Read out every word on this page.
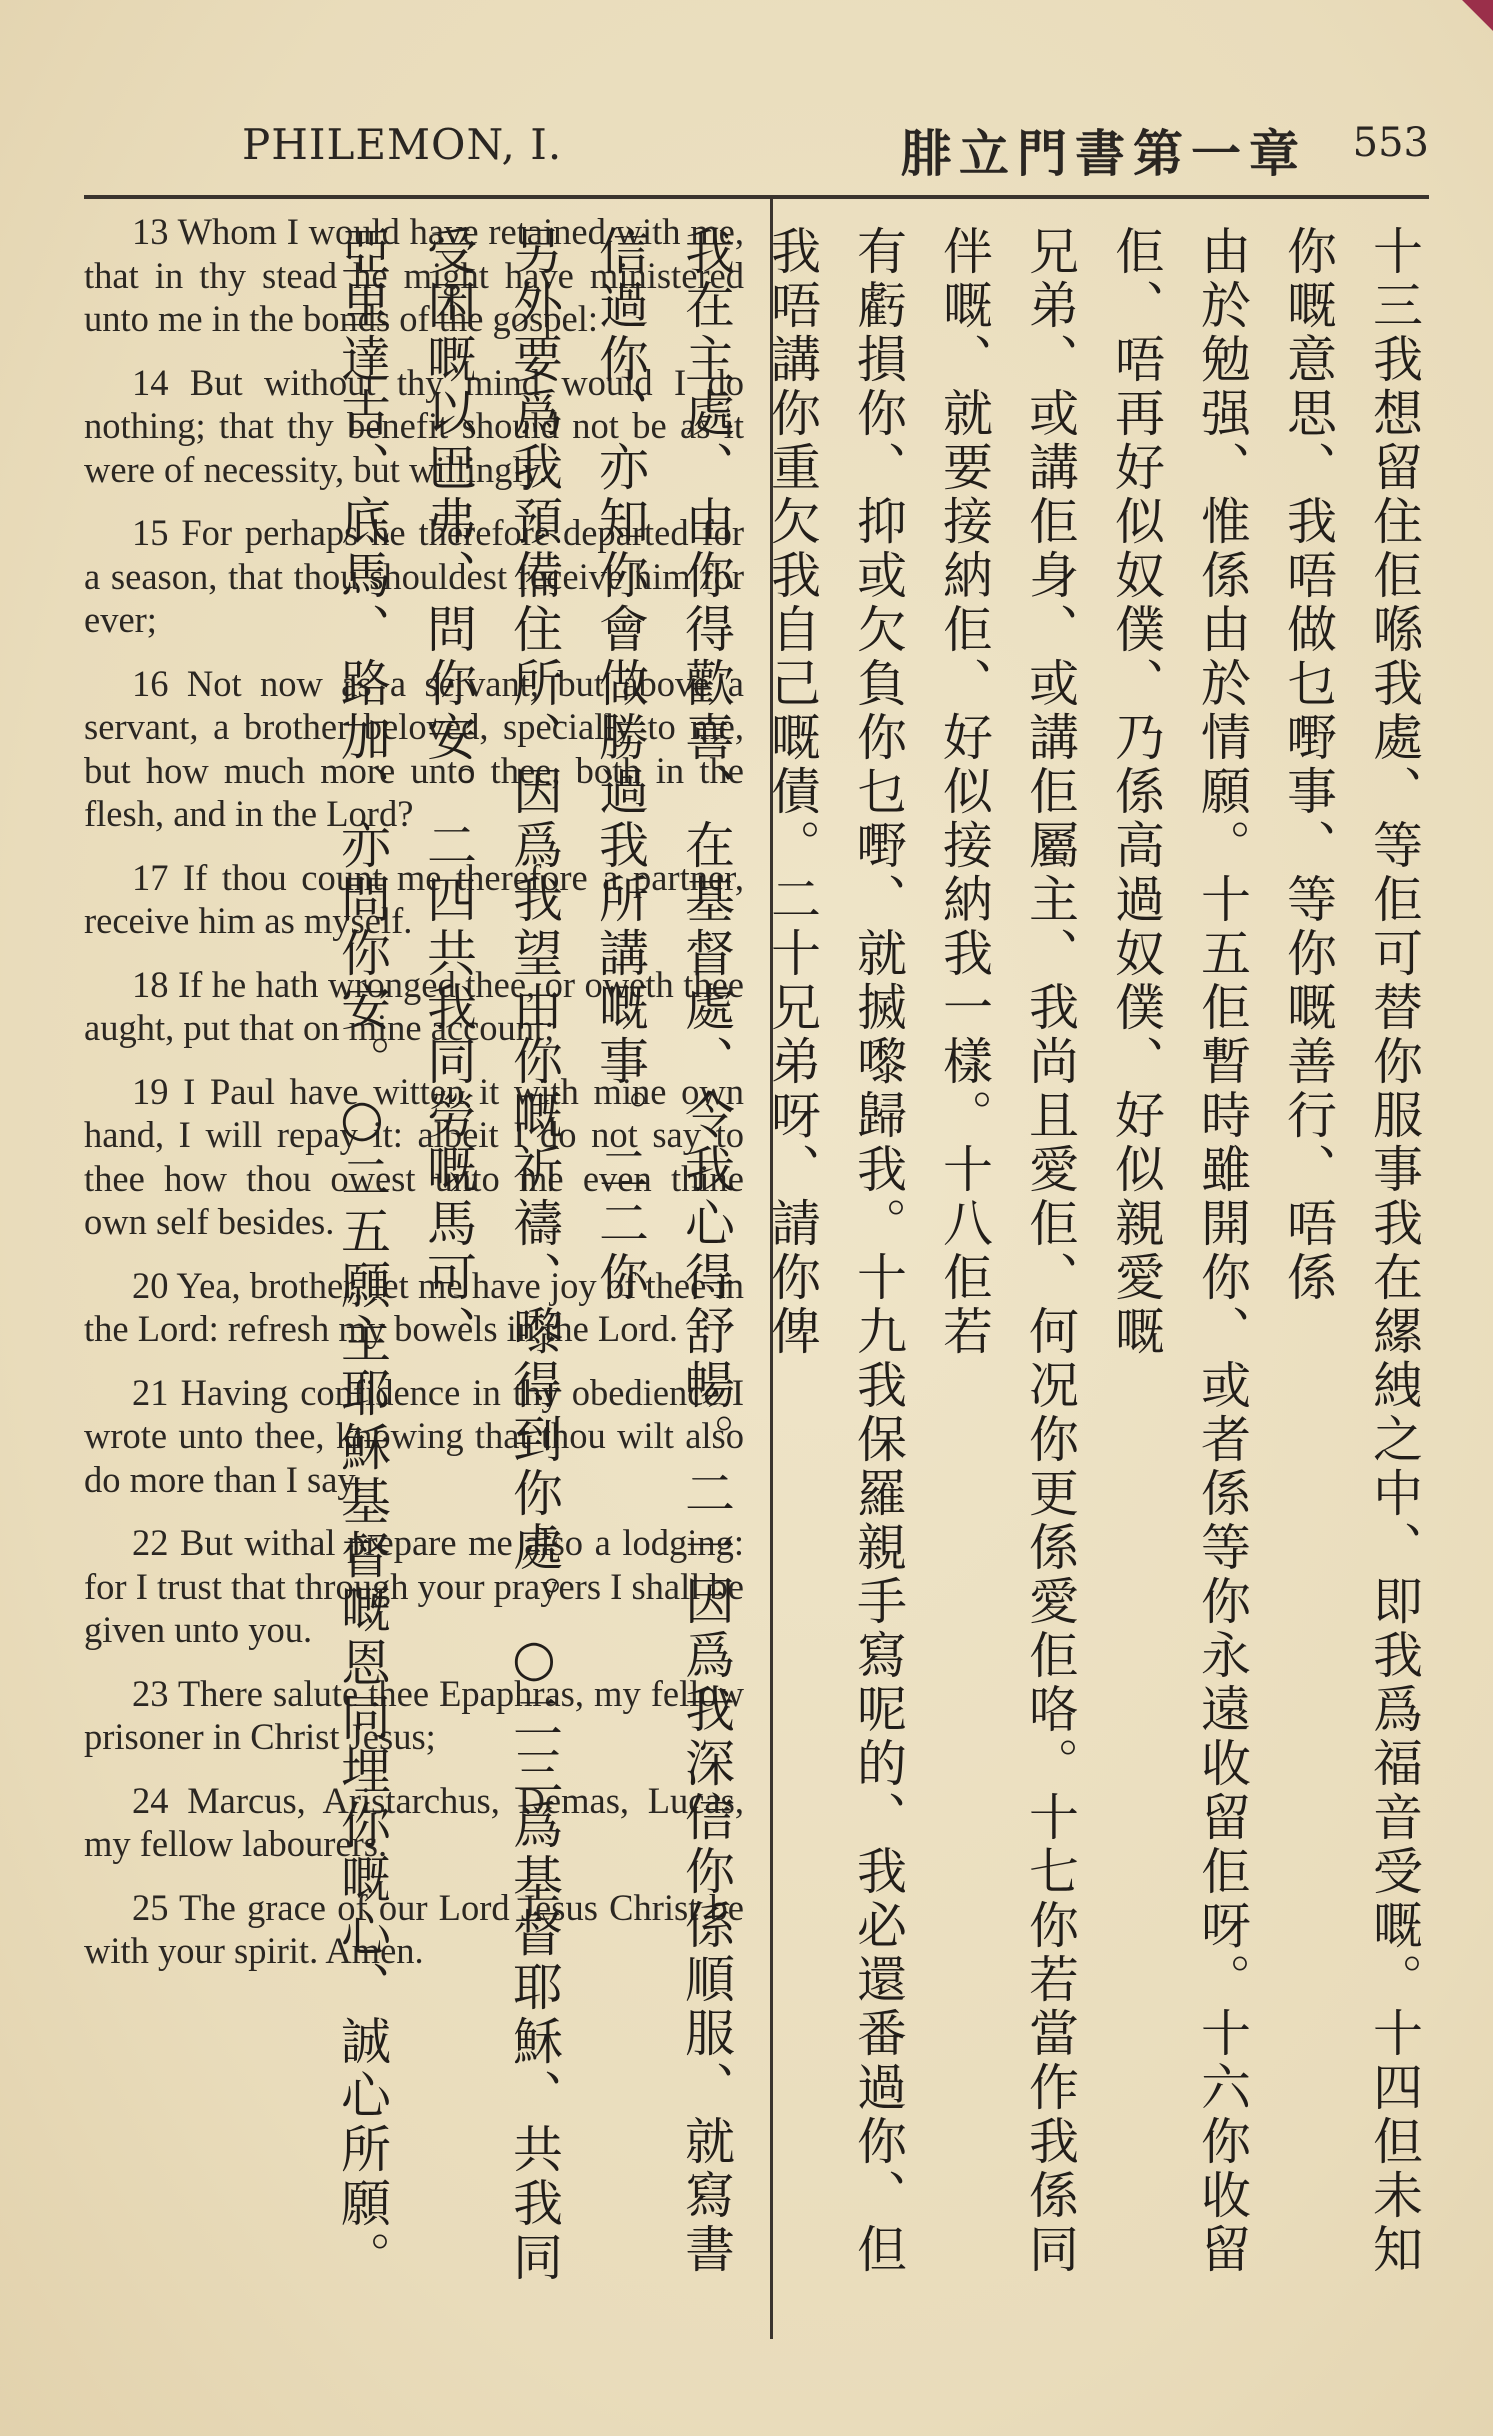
PHILEMON, I.	腓立門書第一章 553

13 Whom I would have retained with me, that in thy stead he might have ministered unto me in the bonds of the gospel:

14 But without thy mind would I do nothing; that thy benefit should not be as it were of necessity, but willingly.

15 For perhaps he therefore departed for a season, that thou shouldest receive him for ever;

16 Not now as a servant, but above a servant, a brother beloved, specially to me, but how much more unto thee, both in the flesh, and in the Lord?

17 If thou count me therefore a partner, receive him as myself.

18 If he hath wronged thee, or oweth thee aught, put that on mine account;

19 I Paul have witten it with mine own hand, I will repay it: albeit I do not say to thee how thou owest unto me even thine own self besides.

20 Yea, brother, let me have joy of thee in the Lord: refresh my bowels in the Lord.

21 Having confidence in thy obedience I wrote unto thee, knowing that thou wilt also do more than I say.

22 But withal prepare me also a lodging: for I trust that through your prayers I shall be given unto you.

23 There salute thee Epaphras, my fellow prisoner in Christ Jesus;

24 Marcus, Aristarchus, Demas, Lucas, my fellow labourers.

25 The grace of our Lord Jesus Christ be with your spirit. Amen.	十三我想留住佢喺我處、等佢可替你服事我在縲絏之中、即我爲福音受嘅。十四但未知你嘅意思、我唔做乜嘢事、等你嘅善行、唔係
由於勉强、惟係由於情願。十五佢暫時雖開你、或者係等你永遠收留佢呀。十六你收留佢、唔再好似奴僕、乃係高過奴僕、好似親愛嘅
兄弟、或講佢身、或講佢屬主、我尚且愛佢、何况你更係愛佢咯。十七你若當作我係同伴嘅、就要接納佢、好似接納我一樣。十八佢若
有虧損你、抑或欠負你乜嘢、就搣嚟歸我。十九我保羅親手寫呢的、我必還番過你、但我唔講你重欠我自己嘅債。二十兄弟呀、請你俾
我在主處、由你得歡喜、在基督處、令我心得舒暢。二一因爲我深信你係順服、就寫書信過你、亦知你會做勝過我所講嘅事。二二你
另外要爲我預備住所、因爲我望由你嘅祈禱、嚟得到你處。○二三爲基督耶穌、共我同受困嘅以巴弗、問你安。二四共我同勞嘅馬可、
亞里達古、底馬、路加、亦問你安。○二五願主耶穌基督嘅恩同埋你嘅心、誠心所願。
